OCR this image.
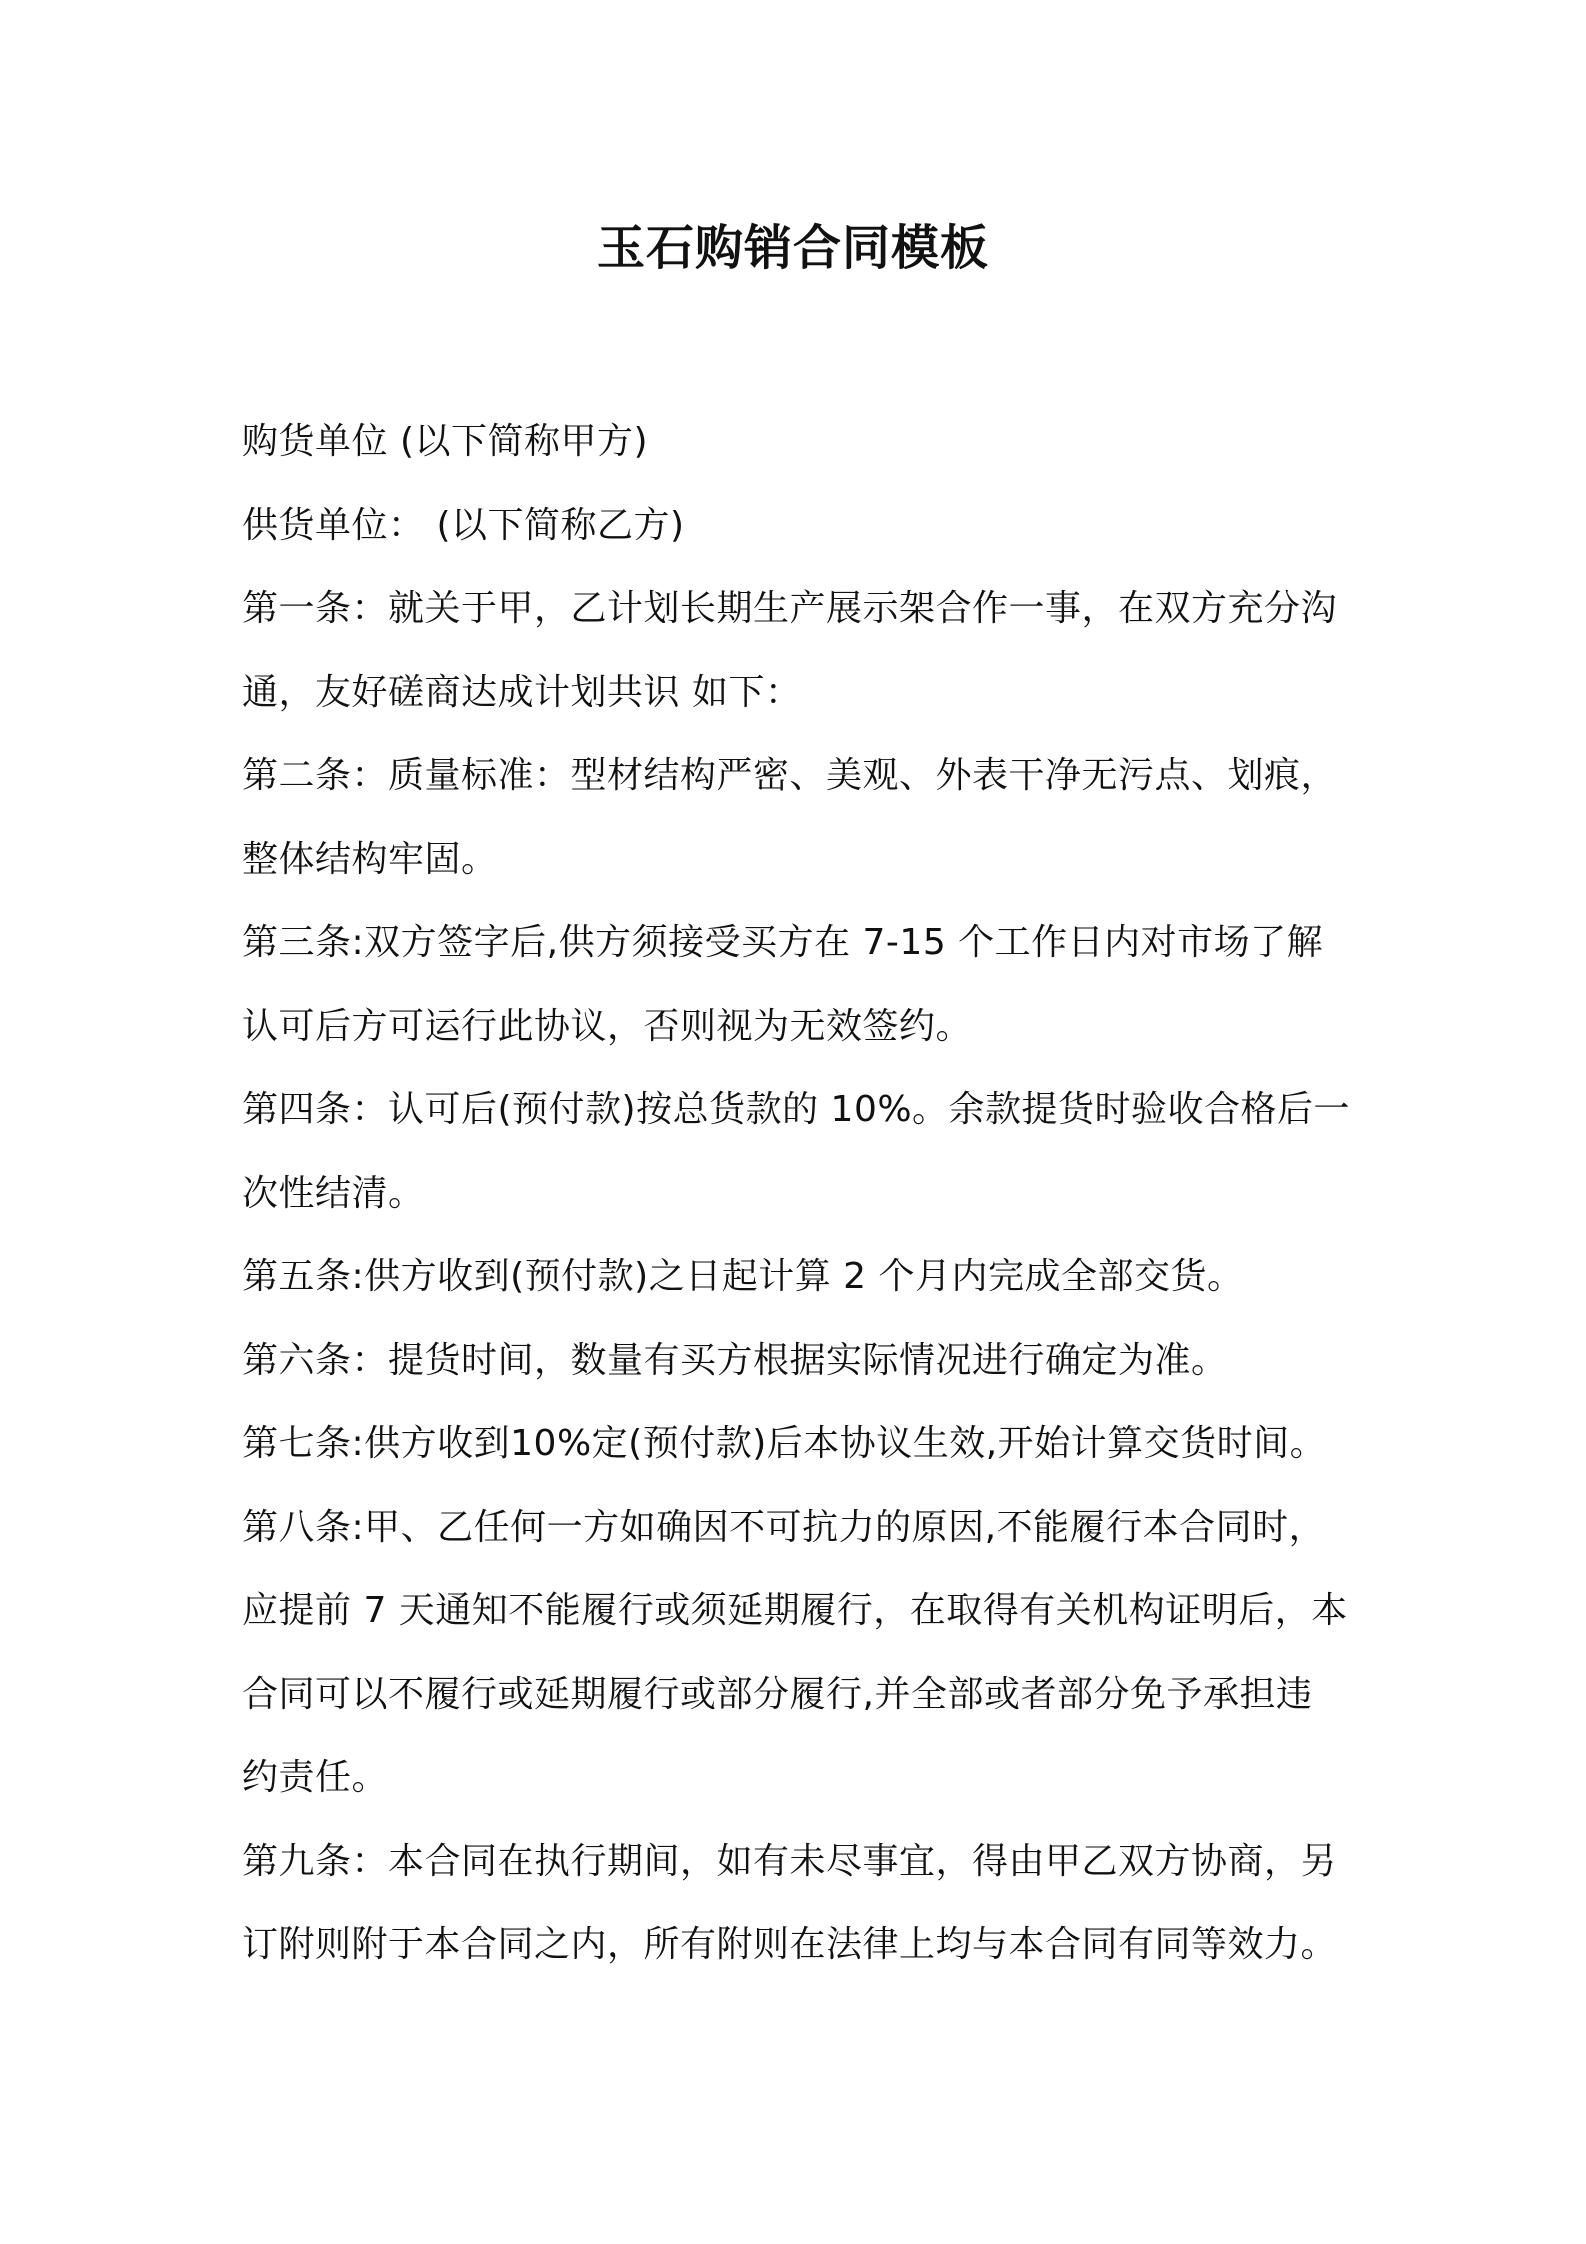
玉石购销合同模板
购货单位 (以下简称甲方)
供货单位： (以下简称乙方)
第一条：就关于甲，乙计划长期生产展示架合作一事，在双方充分沟
通，友好磋商达成计划共识 如下：
第二条：质量标准：型材结构严密、美观、外表干净无污点、划痕，
整体结构牢固。
第三条:双方签字后,供方须接受买方在 7-15 个工作日内对市场了解
认可后方可运行此协议，否则视为无效签约。
第四条：认可后(预付款)按总货款的 10%。余款提货时验收合格后一
次性结清。
第五条:供方收到(预付款)之日起计算 2 个月内完成全部交货。
第六条：提货时间，数量有买方根据实际情况进行确定为准。
第七条:供方收到10%定(预付款)后本协议生效,开始计算交货时间。
第八条:甲、乙任何一方如确因不可抗力的原因,不能履行本合同时，
应提前 7 天通知不能履行或须延期履行，在取得有关机构证明后，本
合同可以不履行或延期履行或部分履行,并全部或者部分免予承担违
约责任。
第九条：本合同在执行期间，如有未尽事宜，得由甲乙双方协商，另
订附则附于本合同之内，所有附则在法律上均与本合同有同等效力。
